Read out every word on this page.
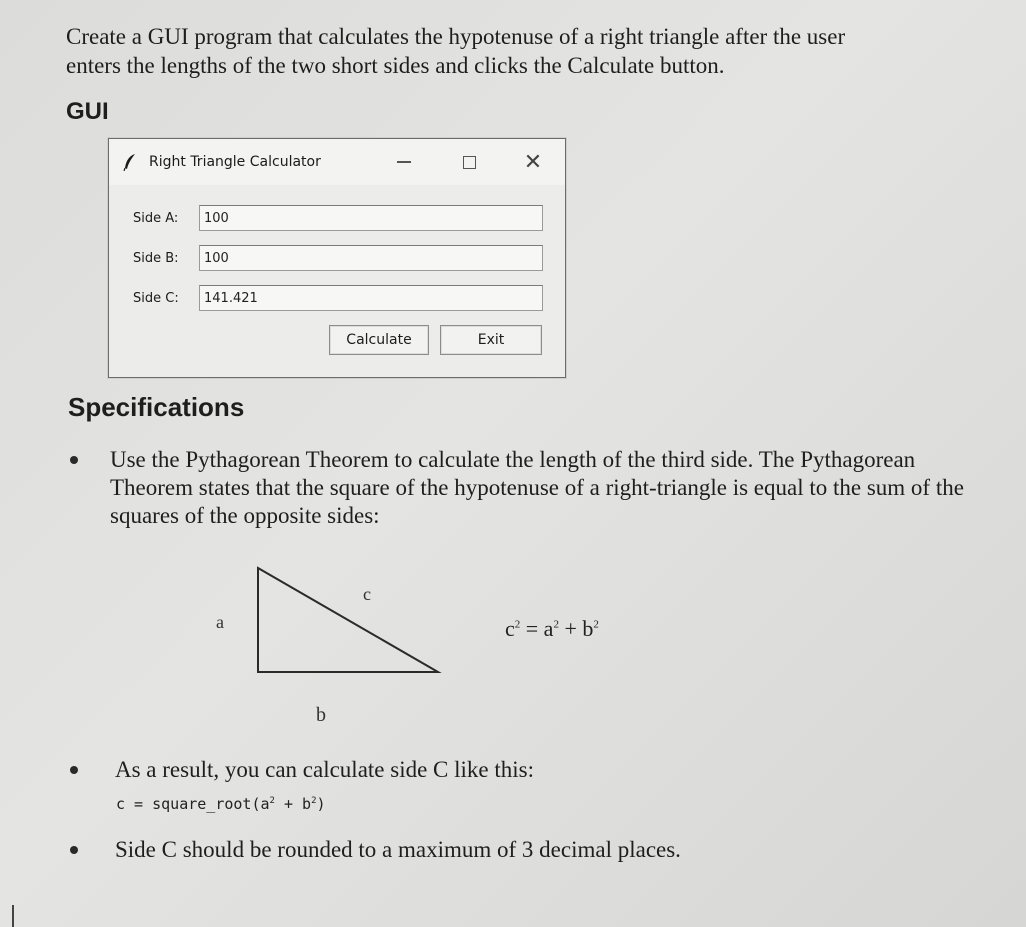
Create a GUI program that calculates the hypotenuse of a right triangle after the user
enters the lengths of the two short sides and clicks the Calculate button.
GUI
Right Triangle Calculator	✕
Side A:
100
Side B:
100
Side C:
141.421
Calculate	Exit
Specifications
Use the Pythagorean Theorem to calculate the length of the third side. The Pythagorean Theorem states that the square of the hypotenuse of a right-triangle is equal to the sum of the squares of the opposite sides:
a
c
b
$c^2 = a^2 + b^2$
As a result, you can calculate side C like this:
$c = square\_root(a^2 + b^2)$
Side C should be rounded to a maximum of 3 decimal places.
